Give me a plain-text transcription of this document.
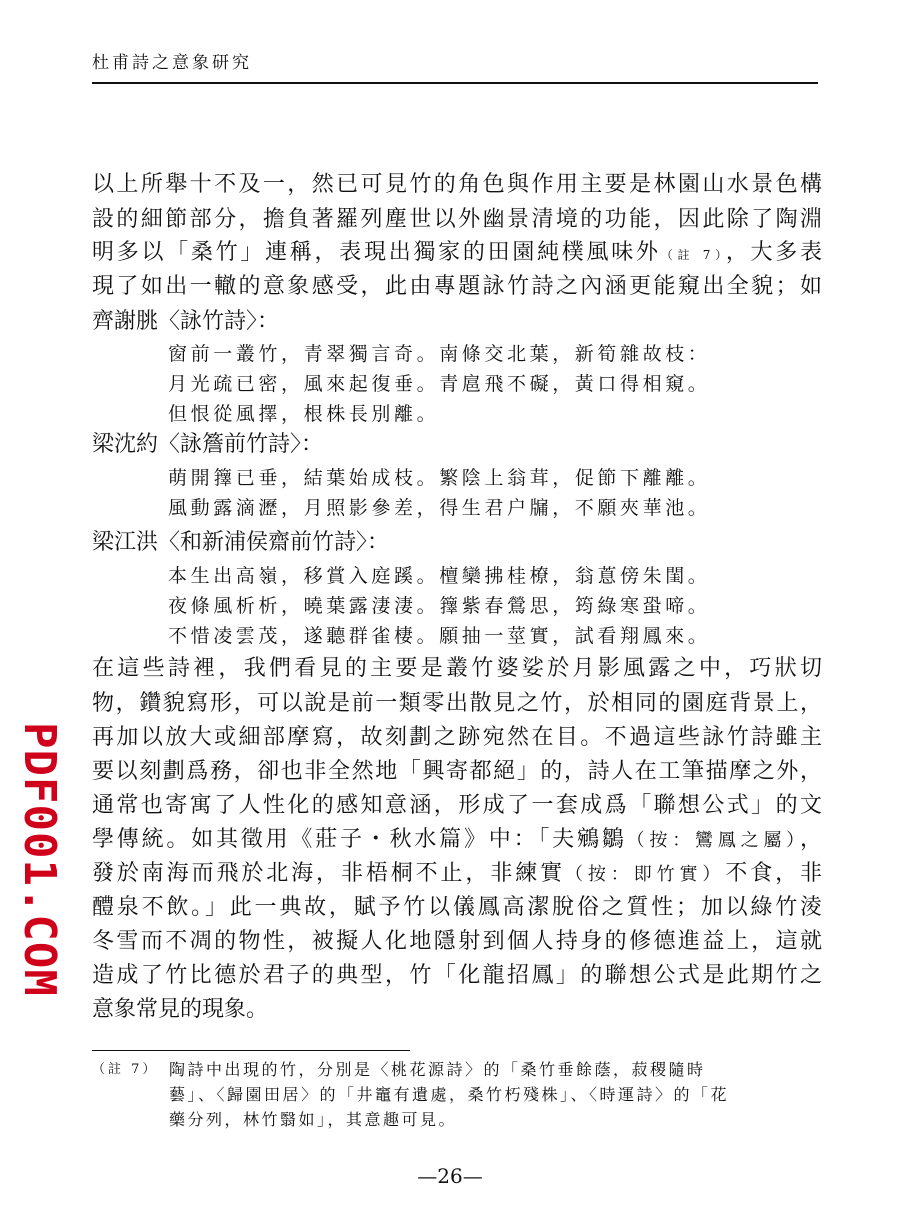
杜甫詩之意象研究
PDF001.COM
以上所舉十不及一，然已可見竹的角色與作用主要是林園山水景色構
設的細節部分，擔負著羅列塵世以外幽景清境的功能，因此除了陶淵
明多以「桑竹」連稱，表現出獨家的田園純樸風味外（註 7），大多表
現了如出一轍的意象感受，此由專題詠竹詩之內涵更能窺出全貌；如
齊謝朓〈詠竹詩〉：
窗前一叢竹，青翠獨言奇。南條交北葉，新筍雜故枝：
月光疏已密，風來起復垂。青扈飛不礙，黃口得相窺。
但恨從風擇，根株長別離。
梁沈約〈詠簷前竹詩〉：
萌開籜已垂，結葉始成枝。繁陰上翁茸，促節下離離。
風動露滴瀝，月照影參差，得生君户牖，不願夾華池。
梁江洪〈和新浦侯齋前竹詩〉：
本生出高嶺，移賞入庭蹊。檀欒拂桂橑，翁蒠傍朱閨。
夜條風析析，曉葉露淒淒。籜紫春鶯思，筠綠寒蛩啼。
不惜凌雲茂，遂聽群雀棲。願抽一莖實，試看翔鳳來。
在這些詩裡，我們看見的主要是叢竹婆娑於月影風露之中，巧狀切
物，鑽貌寫形，可以說是前一類零出散見之竹，於相同的園庭背景上，
再加以放大或細部摩寫，故刻劃之跡宛然在目。不過這些詠竹詩雖主
要以刻劃爲務，卻也非全然地「興寄都絕」的，詩人在工筆描摩之外，
通常也寄寓了人性化的感知意涵，形成了一套成爲「聯想公式」的文
學傳統。如其徵用《莊子・秋水篇》中：「夫鵷鶵（按：鸞鳳之屬），
發於南海而飛於北海，非梧桐不止，非練實（按：即竹實）不食，非
醴泉不飲。」此一典故，賦予竹以儀鳳高潔脫俗之質性；加以綠竹淩
冬雪而不凋的物性，被擬人化地隱射到個人持身的修德進益上，這就
造成了竹比德於君子的典型，竹「化龍招鳳」的聯想公式是此期竹之
意象常見的現象。
（註 7） 陶詩中出現的竹，分別是〈桃花源詩〉的「桑竹垂餘蔭，菽稷隨時
藝」、〈歸園田居〉的「井竈有遺處，桑竹朽殘株」、〈時運詩〉的「花
藥分列，林竹翳如」，其意趣可見。
—26—
